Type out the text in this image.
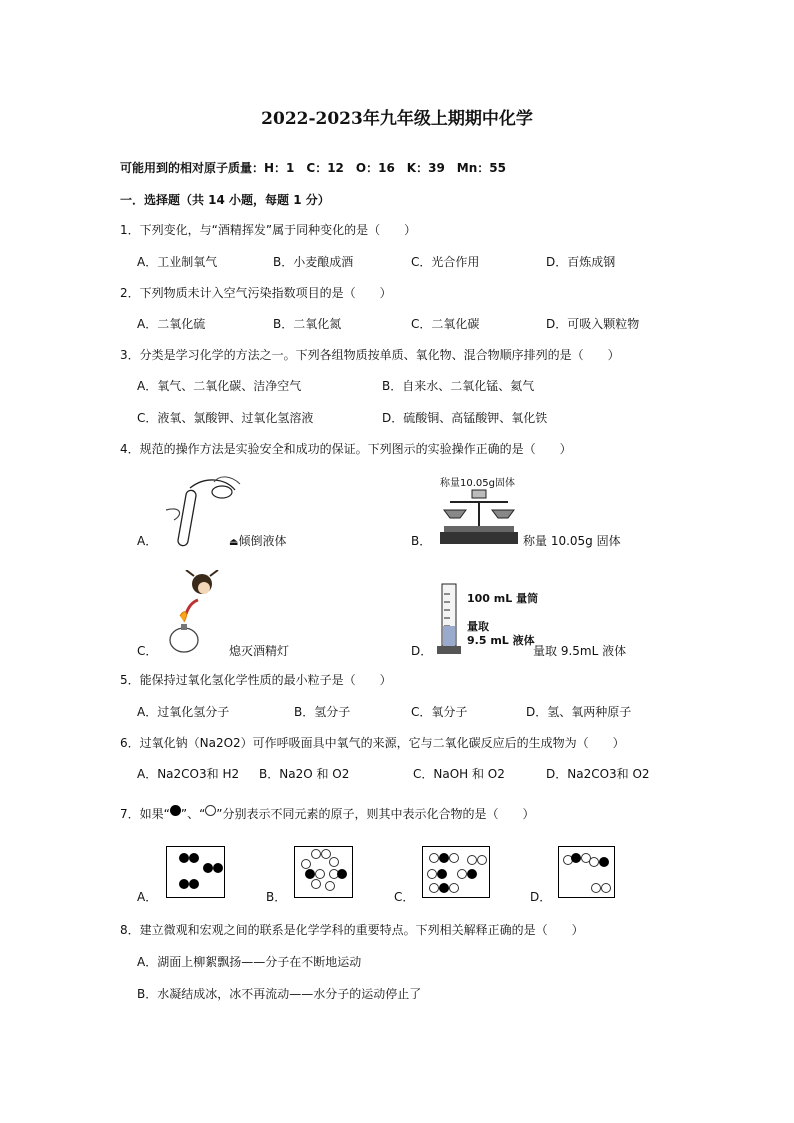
2022-2023年九年级上期期中化学
可能用到的相对原子质量：H：1　C：12　O：16　K：39　Mn：55
一．选择题（共 14 小题，每题 1 分）
1．下列变化，与“酒精挥发”属于同种变化的是（　　）
A．工业制氧气	B．小麦酿成酒	C．光合作用	D．百炼成钢
2．下列物质未计入空气污染指数项目的是（　　）
A．二氧化硫	B．二氧化氮	C．二氧化碳	D．可吸入颗粒物
3．分类是学习化学的方法之一。下列各组物质按单质、氧化物、混合物顺序排列的是（　　）
A．氧气、二氧化碳、洁净空气	B．自来水、二氧化锰、氦气
C．液氧、氯酸钾、过氧化氢溶液	D．硫酸铜、高锰酸钾、氧化铁
4．规范的操作方法是实验安全和成功的保证。下列图示的实验操作正确的是（　　）
A．	⏏倾倒液体
称量10.05g固体
B．	称量 10.05g 固体
C．	熄灭酒精灯
100 mL 量筒
量取
9.5 mL 液体
D．	量取 9.5mL 液体
5．能保持过氧化氢化学性质的最小粒子是（　　）
A．过氧化氢分子	B．氢分子	C．氧分子	D．氢、氧两种原子
6．过氧化钠（Na2O2）可作呼吸面具中氧气的来源，它与二氧化碳反应后的生成物为（　　）
A．Na2CO3和 H2 B．Na2O 和 O2	C．NaOH 和 O2	D．Na2CO3和 O2
7．如果“ ”、“ ”分别表示不同元素的原子，则其中表示化合物的是（　　）
A．	B．	C．	D．
8．建立微观和宏观之间的联系是化学学科的重要特点。下列相关解释正确的是（　　）
A．湖面上柳絮飘扬——分子在不断地运动
B．水凝结成冰，冰不再流动——水分子的运动停止了
